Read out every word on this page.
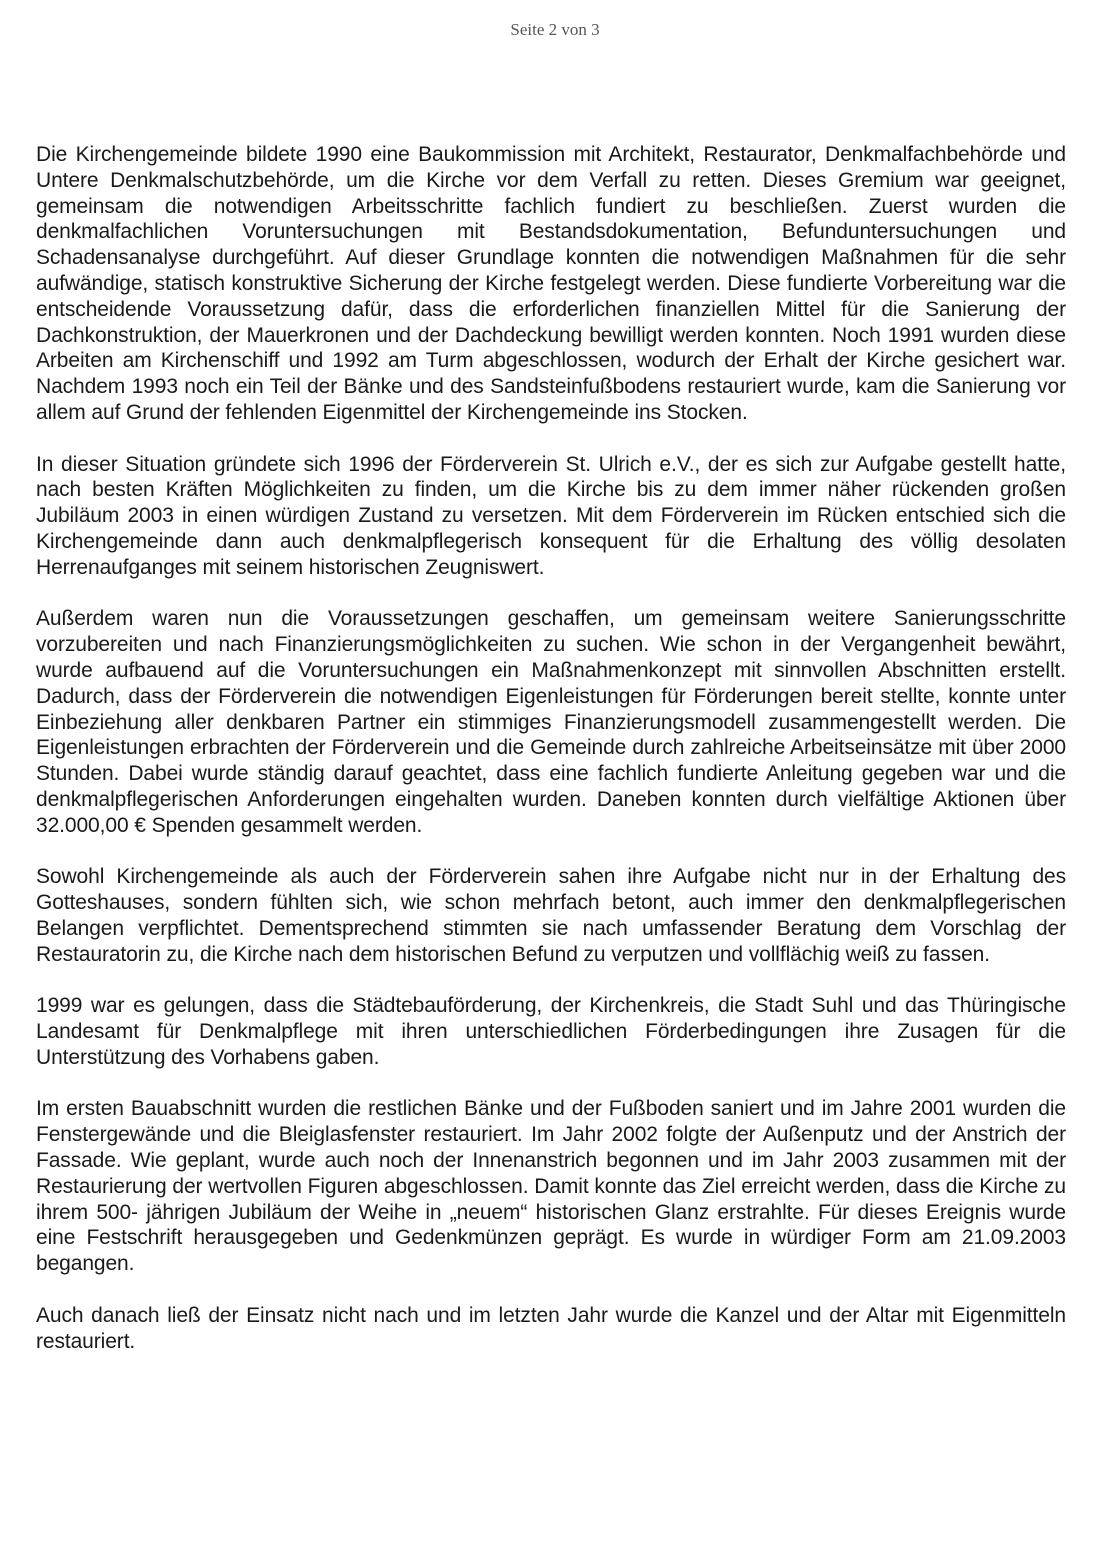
Seite 2 von 3

Die Kirchengemeinde bildete 1990 eine Baukommission mit Architekt, Restaurator, Denkmalfachbehörde und Untere Denkmalschutzbehörde, um die Kirche vor dem Verfall zu retten. Dieses Gremium war geeignet, gemeinsam die notwendigen Arbeitsschritte fachlich fundiert zu beschließen. Zuerst wurden die denkmalfachlichen Voruntersuchungen mit Bestandsdokumentation, Befunduntersuchungen und Schadensanalyse durchgeführt. Auf dieser Grundlage konnten die notwendigen Maßnahmen für die sehr aufwändige, statisch konstruktive Sicherung der Kirche festgelegt werden. Diese fundierte Vorbereitung war die entscheidende Voraussetzung dafür, dass die erforderlichen finanziellen Mittel für die Sanierung der Dachkonstruktion, der Mauerkronen und der Dachdeckung bewilligt werden konnten. Noch 1991 wurden diese Arbeiten am Kirchenschiff und 1992 am Turm abgeschlossen, wodurch der Erhalt der Kirche gesichert war. Nachdem 1993 noch ein Teil der Bänke und des Sandsteinfußbodens restauriert wurde, kam die Sanierung vor allem auf Grund der fehlenden Eigenmittel der Kirchengemeinde ins Stocken.

In dieser Situation gründete sich 1996 der Förderverein St. Ulrich e.V., der es sich zur Aufgabe gestellt hatte, nach besten Kräften Möglichkeiten zu finden, um die Kirche bis zu dem immer näher rückenden großen Jubiläum 2003 in einen würdigen Zustand zu versetzen. Mit dem Förderverein im Rücken entschied sich die Kirchengemeinde dann auch denkmalpflegerisch konsequent für die Erhaltung des völlig desolaten Herrenaufganges mit seinem historischen Zeugniswert.

Außerdem waren nun die Voraussetzungen geschaffen, um gemeinsam weitere Sanierungsschritte vorzubereiten und nach Finanzierungsmöglichkeiten zu suchen. Wie schon in der Vergangenheit bewährt, wurde aufbauend auf die Voruntersuchungen ein Maßnahmenkonzept mit sinnvollen Abschnitten erstellt. Dadurch, dass der Förderverein die notwendigen Eigenleistungen für Förderungen bereit stellte, konnte unter Einbeziehung aller denkbaren Partner ein stimmiges Finanzierungsmodell zusammengestellt werden. Die Eigenleistungen erbrachten der Förderverein und die Gemeinde durch zahlreiche Arbeitseinsätze mit über 2000 Stunden. Dabei wurde ständig darauf geachtet, dass eine fachlich fundierte Anleitung gegeben war und die denkmalpflegerischen Anforderungen eingehalten wurden. Daneben konnten durch vielfältige Aktionen über 32.000,00 € Spenden gesammelt werden.

Sowohl Kirchengemeinde als auch der Förderverein sahen ihre Aufgabe nicht nur in der Erhaltung des Gotteshauses, sondern fühlten sich, wie schon mehrfach betont, auch immer den denkmalpflegerischen Belangen verpflichtet. Dementsprechend stimmten sie nach umfassender Beratung dem Vorschlag der Restauratorin zu, die Kirche nach dem historischen Befund zu verputzen und vollflächig weiß zu fassen.

1999 war es gelungen, dass die Städtebauförderung, der Kirchenkreis, die Stadt Suhl und das Thüringische Landesamt für Denkmalpflege mit ihren unterschiedlichen Förderbedingungen ihre Zusagen für die Unterstützung des Vorhabens gaben.

Im ersten Bauabschnitt wurden die restlichen Bänke und der Fußboden saniert und im Jahre 2001 wurden die Fenstergewände und die Bleiglasfenster restauriert. Im Jahr 2002 folgte der Außenputz und der Anstrich der Fassade. Wie geplant, wurde auch noch der Innenanstrich begonnen und im Jahr 2003 zusammen mit der Restaurierung der wertvollen Figuren abgeschlossen. Damit konnte das Ziel erreicht werden, dass die Kirche zu ihrem 500- jährigen Jubiläum der Weihe in „neuem“ historischen Glanz erstrahlte. Für dieses Ereignis wurde eine Festschrift herausgegeben und Gedenkmünzen geprägt. Es wurde in würdiger Form am 21.09.2003 begangen.

Auch danach ließ der Einsatz nicht nach und im letzten Jahr wurde die Kanzel und der Altar mit Eigenmitteln restauriert.
